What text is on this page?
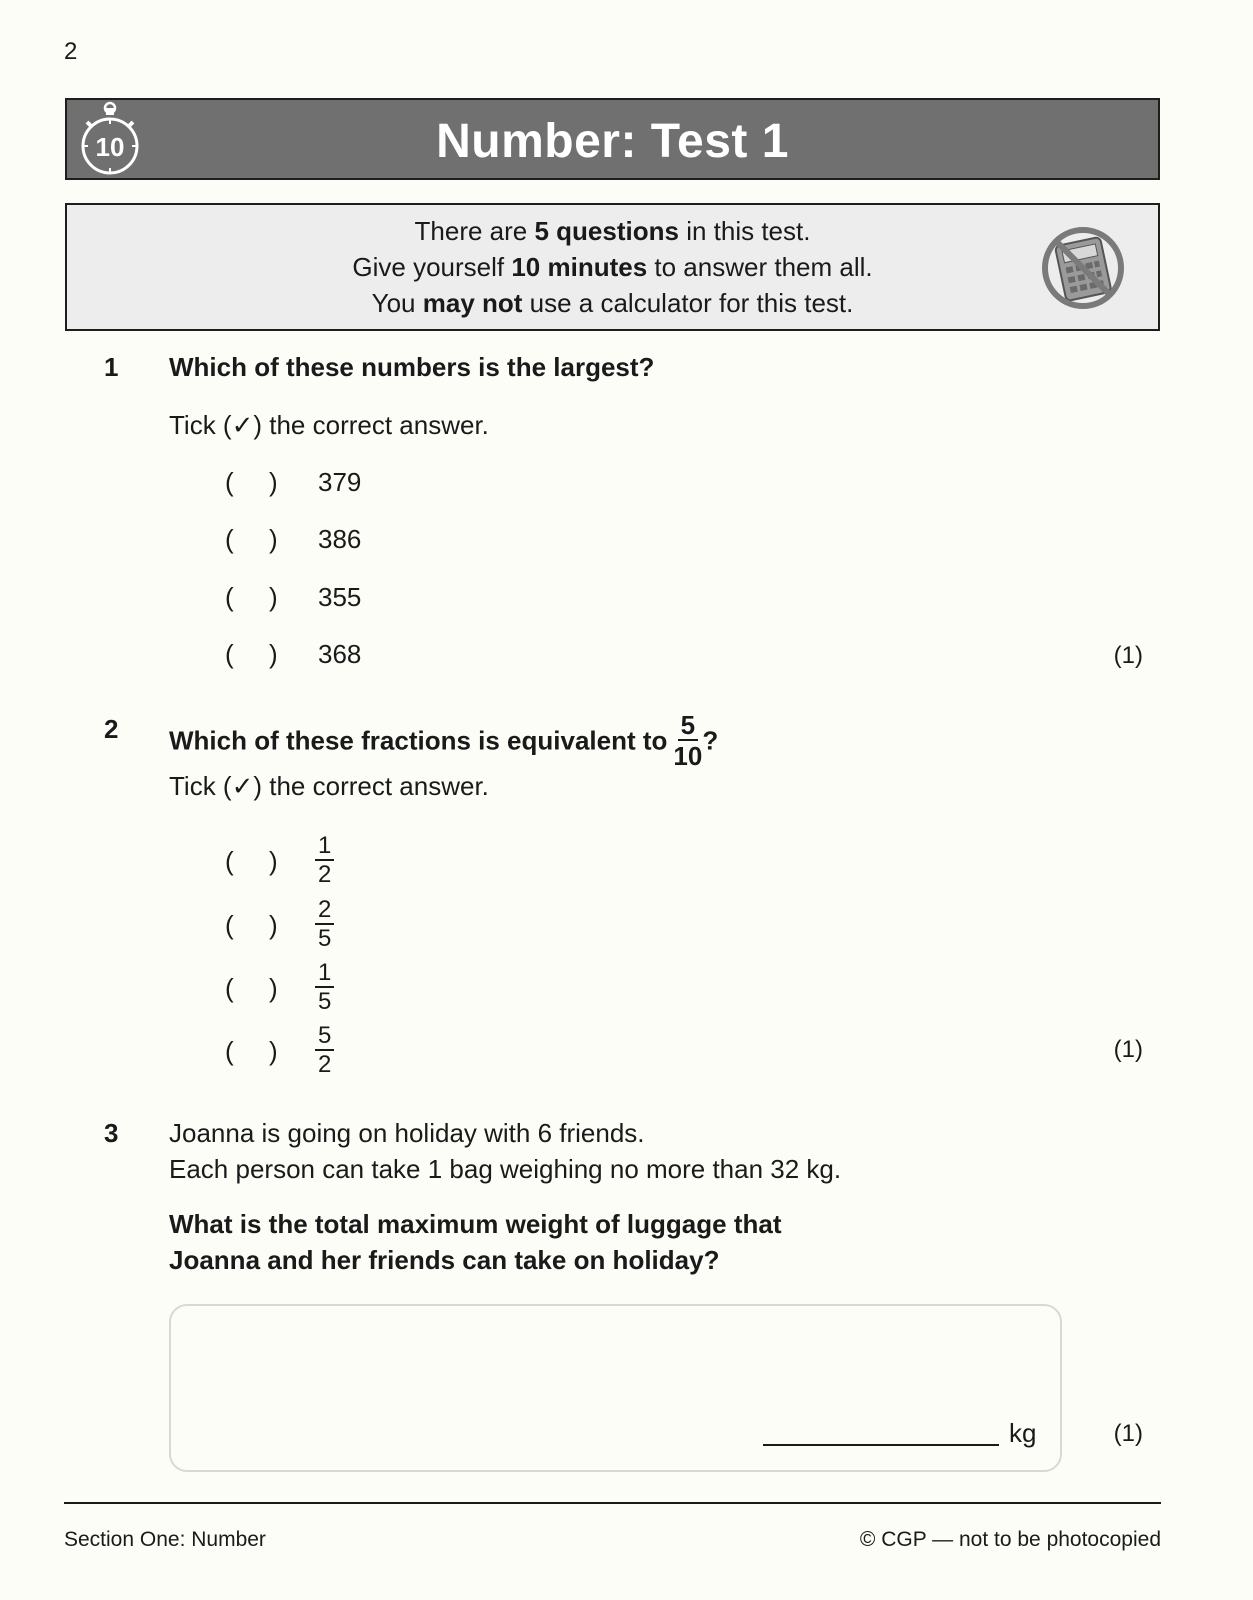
2
10	Number: Test 1
There are 5 questions in this test.
Give yourself 10 minutes to answer them all.
You may not use a calculator for this test.
1 Which of these numbers is the largest?
Tick (✓) the correct answer.
( ) 379
( ) 386
( ) 355
( ) 368	(1)
2 Which of these fractions is equivalent to $\frac{5}{10}$ ?
Tick (✓) the correct answer.
( ) $\frac{1}{2}$
( ) $\frac{2}{5}$
( ) $\frac{1}{5}$
( ) $\frac{5}{2}$	(1)
3 Joanna is going on holiday with 6 friends.
Each person can take 1 bag weighing no more than 32 kg.
What is the total maximum weight of luggage that
Joanna and her friends can take on holiday?
kg	(1)
Section One: Number	© CGP — not to be photocopied
